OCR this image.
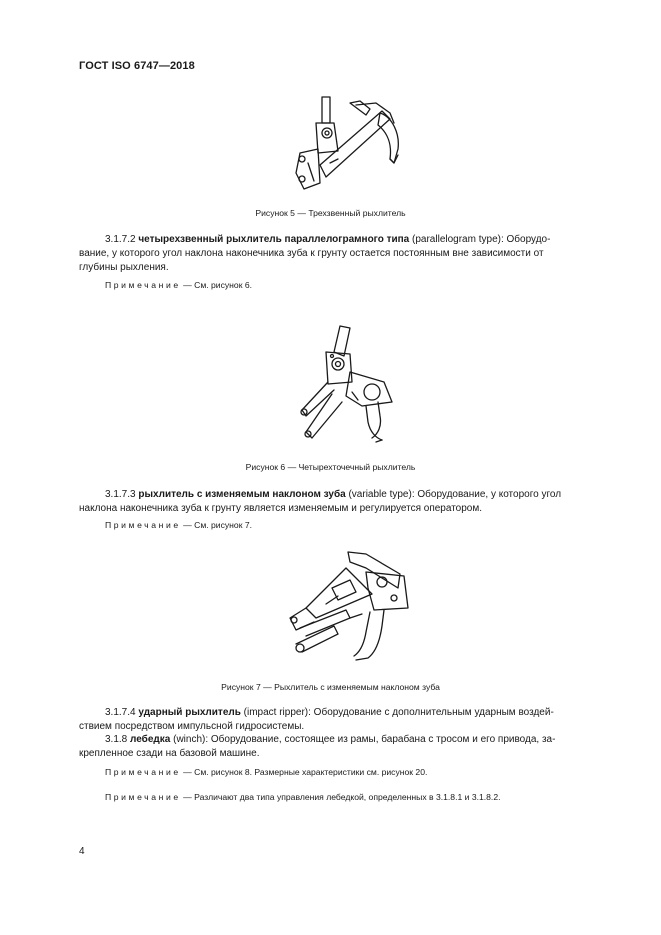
ГОСТ ISO 6747—2018
Рисунок 5 — Трехзвенный рыхлитель
3.1.7.2 четырехзвенный рыхлитель параллелограмного типа (parallelogram type): Оборудо-
вание, у которого угол наклона наконечника зуба к грунту остается постоянным вне зависимости от
глубины рыхления.
Примечание — См. рисунок 6.
Рисунок 6 — Четырехточечный рыхлитель
3.1.7.3 рыхлитель с изменяемым наклоном зуба (variable type): Оборудование, у которого угол
наклона наконечника зуба к грунту является изменяемым и регулируется оператором.
Примечание — См. рисунок 7.
Рисунок 7 — Рыхлитель с изменяемым наклоном зуба
3.1.7.4 ударный рыхлитель (impact ripper): Оборудование с дополнительным ударным воздей-
ствием посредством импульсной гидросистемы.
3.1.8 лебедка (winch): Оборудование, состоящее из рамы, барабана с тросом и его привода, за-
крепленное сзади на базовой машине.
Примечание — См. рисунок 8. Размерные характеристики см. рисунок 20.
Примечание — Различают два типа управления лебедкой, определенных в 3.1.8.1 и 3.1.8.2.
4
